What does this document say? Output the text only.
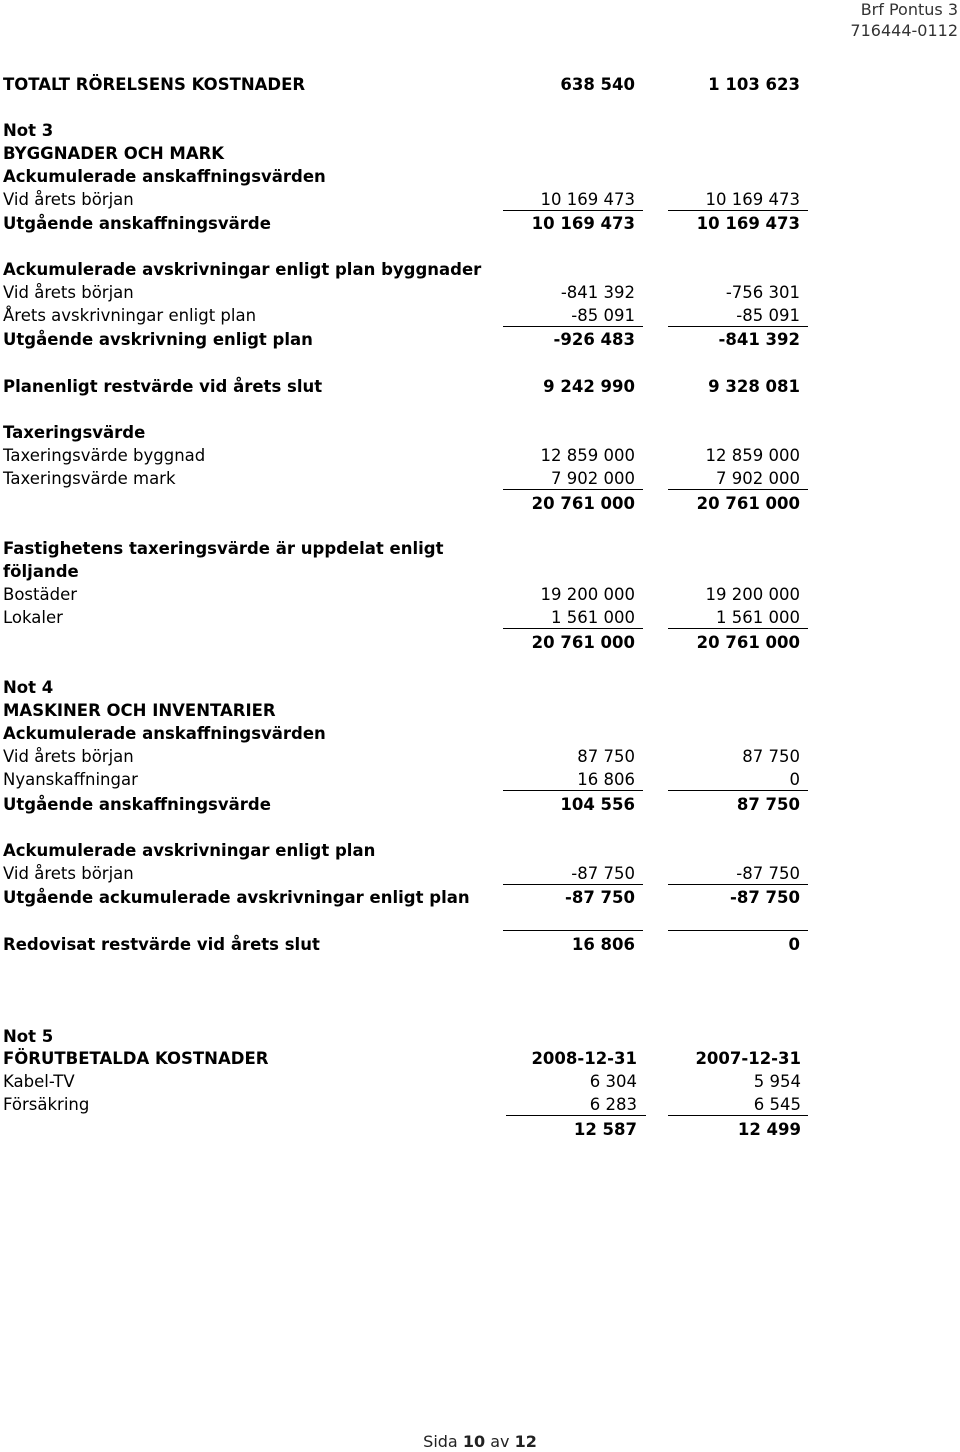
Brf Pontus 3
716444-0112
TOTALT RÖRELSENS KOSTNADER	638 540	1 103 623
Not 3
BYGGNADER OCH MARK
Ackumulerade anskaffningsvärden
Vid årets början	10 169 473	10 169 473
Utgående anskaffningsvärde	10 169 473	10 169 473
Ackumulerade avskrivningar enligt plan byggnader
Vid årets början	-841 392	-756 301
Årets avskrivningar enligt plan	-85 091	-85 091
Utgående avskrivning enligt plan	-926 483	-841 392
Planenligt restvärde vid årets slut	9 242 990	9 328 081
Taxeringsvärde
Taxeringsvärde byggnad	12 859 000	12 859 000
Taxeringsvärde mark	7 902 000	7 902 000
20 761 000	20 761 000
Fastighetens taxeringsvärde är uppdelat enligt
följande
Bostäder	19 200 000	19 200 000
Lokaler	1 561 000	1 561 000
20 761 000	20 761 000
Not 4
MASKINER OCH INVENTARIER
Ackumulerade anskaffningsvärden
Vid årets början	87 750	87 750
Nyanskaffningar	16 806	0
Utgående anskaffningsvärde	104 556	87 750
Ackumulerade avskrivningar enligt plan
Vid årets början	-87 750	-87 750
Utgående ackumulerade avskrivningar enligt plan	-87 750	-87 750
Redovisat restvärde vid årets slut	16 806	0
Not 5
FÖRUTBETALDA KOSTNADER	2008-12-31	2007-12-31
Kabel-TV	6 304	5 954
Försäkring	6 283	6 545
12 587	12 499
Sida 10 av 12
